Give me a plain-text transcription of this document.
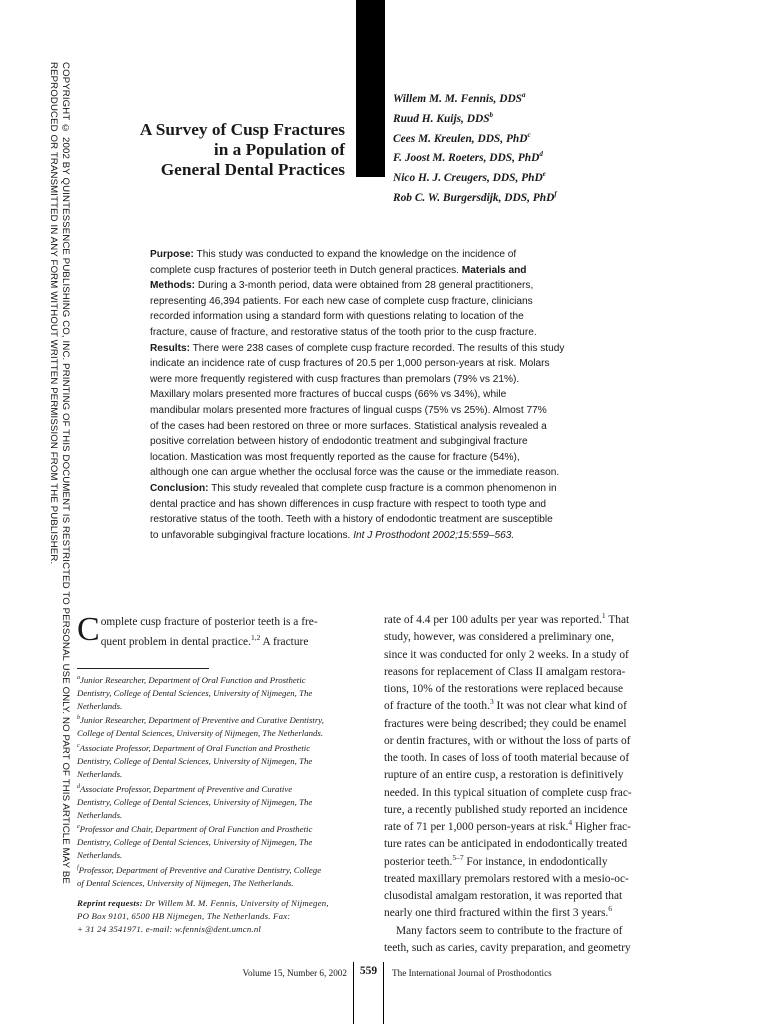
COPYRIGHT © 2002 BY QUINTESSENCE PUBLISHING CO, INC. PRINTING OF THIS DOCUMENT IS RESTRICTED TO PERSONAL USE ONLY. NO PART OF THIS ARTICLE MAY BE
REPRODUCED OR TRANSMITTED IN ANY FORM WITHOUT WRITTEN PERMISSION FROM THE PUBLISHER.	A Survey of Cusp Fractures
in a Population of
General Dental Practices
Willem M. M. Fennis, DDS$^a$
Ruud H. Kuijs, DDS$^b$
Cees M. Kreulen, DDS, PhD$^c$
F. Joost M. Roeters, DDS, PhD$^d$
Nico H. J. Creugers, DDS, PhD$^e$
Rob C. W. Burgersdijk, DDS, PhD$^f$
Purpose: This study was conducted to expand the knowledge on the incidence of
complete cusp fractures of posterior teeth in Dutch general practices. Materials and
Methods: During a 3-month period, data were obtained from 28 general practitioners,
representing 46,394 patients. For each new case of complete cusp fracture, clinicians
recorded information using a standard form with questions relating to location of the
fracture, cause of fracture, and restorative status of the tooth prior to the cusp fracture.
Results: There were 238 cases of complete cusp fracture recorded. The results of this study
indicate an incidence rate of cusp fractures of 20.5 per 1,000 person-years at risk. Molars
were more frequently registered with cusp fractures than premolars (79% vs 21%).
Maxillary molars presented more fractures of buccal cusps (66% vs 34%), while
mandibular molars presented more fractures of lingual cusps (75% vs 25%). Almost 77%
of the cases had been restored on three or more surfaces. Statistical analysis revealed a
positive correlation between history of endodontic treatment and subgingival fracture
location. Mastication was most frequently reported as the cause for fracture (54%),
although one can argue whether the occlusal force was the cause or the immediate reason.
Conclusion: This study revealed that complete cusp fracture is a common phenomenon in
dental practice and has shown differences in cusp fracture with respect to tooth type and
restorative status of the tooth. Teeth with a history of endodontic treatment are susceptible
to unfavorable subgingival fracture locations. Int J Prosthodont 2002;15:559–563.
C omplete cusp fracture of posterior teeth is a fre-
quent problem in dental practice.$^{1,2}$ A fracture
$^a$Junior Researcher, Department of Oral Function and Prosthetic
Dentistry, College of Dental Sciences, University of Nijmegen, The
Netherlands.
$^b$Junior Researcher, Department of Preventive and Curative Dentistry,
College of Dental Sciences, University of Nijmegen, The Netherlands.
$^c$Associate Professor, Department of Oral Function and Prosthetic
Dentistry, College of Dental Sciences, University of Nijmegen, The
Netherlands.
$^d$Associate Professor, Department of Preventive and Curative
Dentistry, College of Dental Sciences, University of Nijmegen, The
Netherlands.
$^e$Professor and Chair, Department of Oral Function and Prosthetic
Dentistry, College of Dental Sciences, University of Nijmegen, The
Netherlands.
$^f$Professor, Department of Preventive and Curative Dentistry, College
of Dental Sciences, University of Nijmegen, The Netherlands.
Reprint requests: Dr Willem M. M. Fennis, University of Nijmegen,
PO Box 9101, 6500 HB Nijmegen, The Netherlands. Fax:
+ 31 24 3541971. e-mail: w.fennis@dent.umcn.nl
rate of 4.4 per 100 adults per year was reported.$^1$ That
study, however, was considered a preliminary one,
since it was conducted for only 2 weeks. In a study of
reasons for replacement of Class II amalgam restora-
tions, 10% of the restorations were replaced because
of fracture of the tooth.$^3$ It was not clear what kind of
fractures were being described; they could be enamel
or dentin fractures, with or without the loss of parts of
the tooth. In cases of loss of tooth material because of
rupture of an entire cusp, a restoration is definitively
needed. In this typical situation of complete cusp frac-
ture, a recently published study reported an incidence
rate of 71 per 1,000 person-years at risk.$^4$ Higher frac-
ture rates can be anticipated in endodontically treated
posterior teeth.$^{5-7}$ For instance, in endodontically
treated maxillary premolars restored with a mesio-oc-
clusodistal amalgam restoration, it was reported that
nearly one third fractured within the first 3 years.$^6$
Many factors seem to contribute to the fracture of
teeth, such as caries, cavity preparation, and geometry
Volume 15, Number 6, 2002	559	The International Journal of Prosthodontics
